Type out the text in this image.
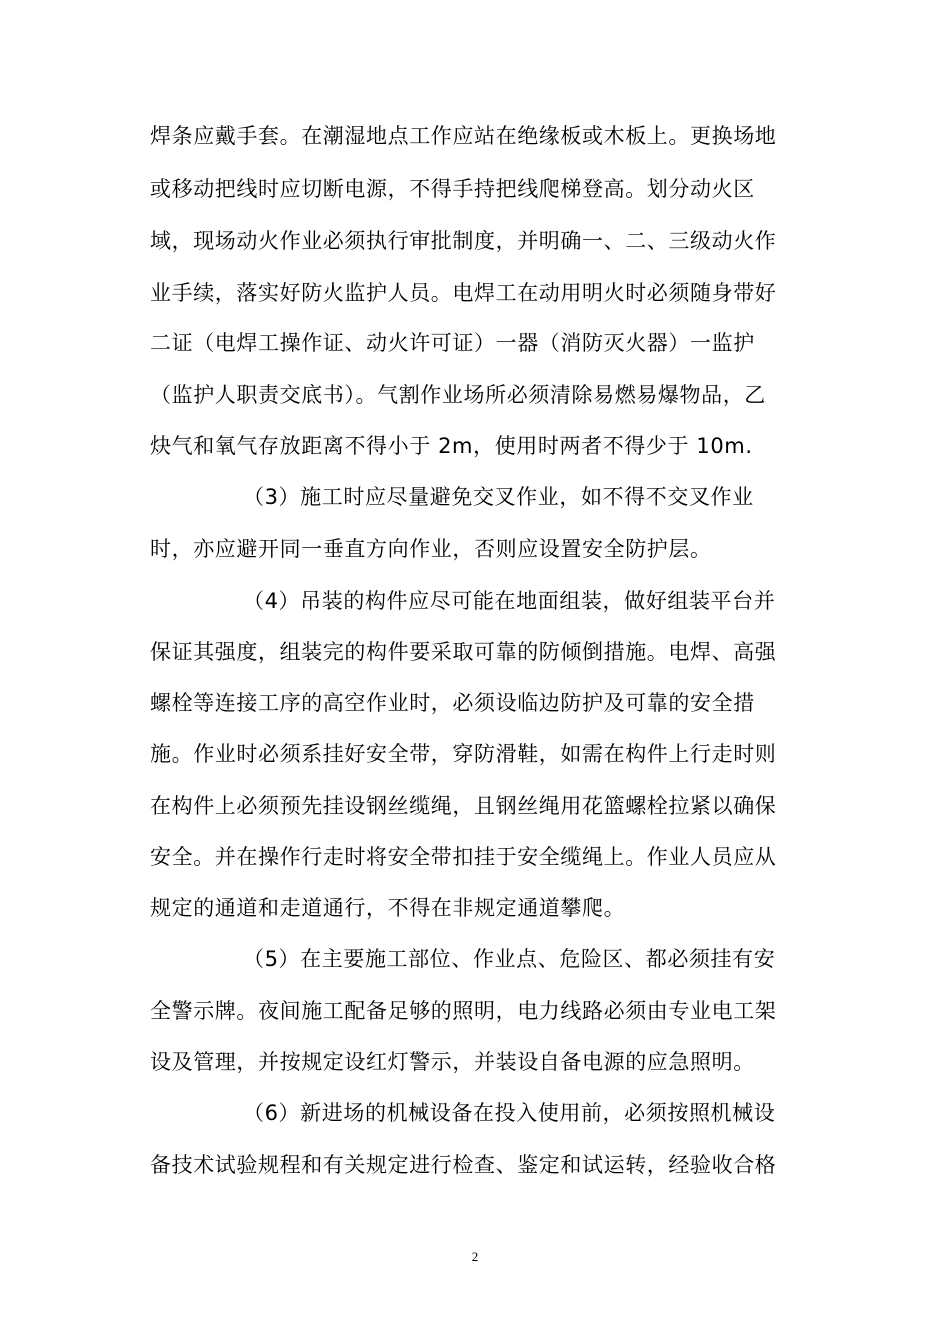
焊条应戴手套。在潮湿地点工作应站在绝缘板或木板上。更换场地
或移动把线时应切断电源，不得手持把线爬梯登高。划分动火区
域，现场动火作业必须执行审批制度，并明确一、二、三级动火作
业手续，落实好防火监护人员。电焊工在动用明火时必须随身带好
二证（电焊工操作证、动火许可证）一器（消防灭火器）一监护
（监护人职责交底书）。气割作业场所必须清除易燃易爆物品，乙
炔气和氧气存放距离不得小于 2m，使用时两者不得少于 10m.
（3）施工时应尽量避免交叉作业，如不得不交叉作业
时，亦应避开同一垂直方向作业，否则应设置安全防护层。
（4）吊装的构件应尽可能在地面组装，做好组装平台并
保证其强度，组装完的构件要采取可靠的防倾倒措施。电焊、高强
螺栓等连接工序的高空作业时，必须设临边防护及可靠的安全措
施。作业时必须系挂好安全带，穿防滑鞋，如需在构件上行走时则
在构件上必须预先挂设钢丝缆绳，且钢丝绳用花篮螺栓拉紧以确保
安全。并在操作行走时将安全带扣挂于安全缆绳上。作业人员应从
规定的通道和走道通行，不得在非规定通道攀爬。
（5）在主要施工部位、作业点、危险区、都必须挂有安
全警示牌。夜间施工配备足够的照明，电力线路必须由专业电工架
设及管理，并按规定设红灯警示，并装设自备电源的应急照明。
（6）新进场的机械设备在投入使用前，必须按照机械设
备技术试验规程和有关规定进行检查、鉴定和试运转，经验收合格
2
